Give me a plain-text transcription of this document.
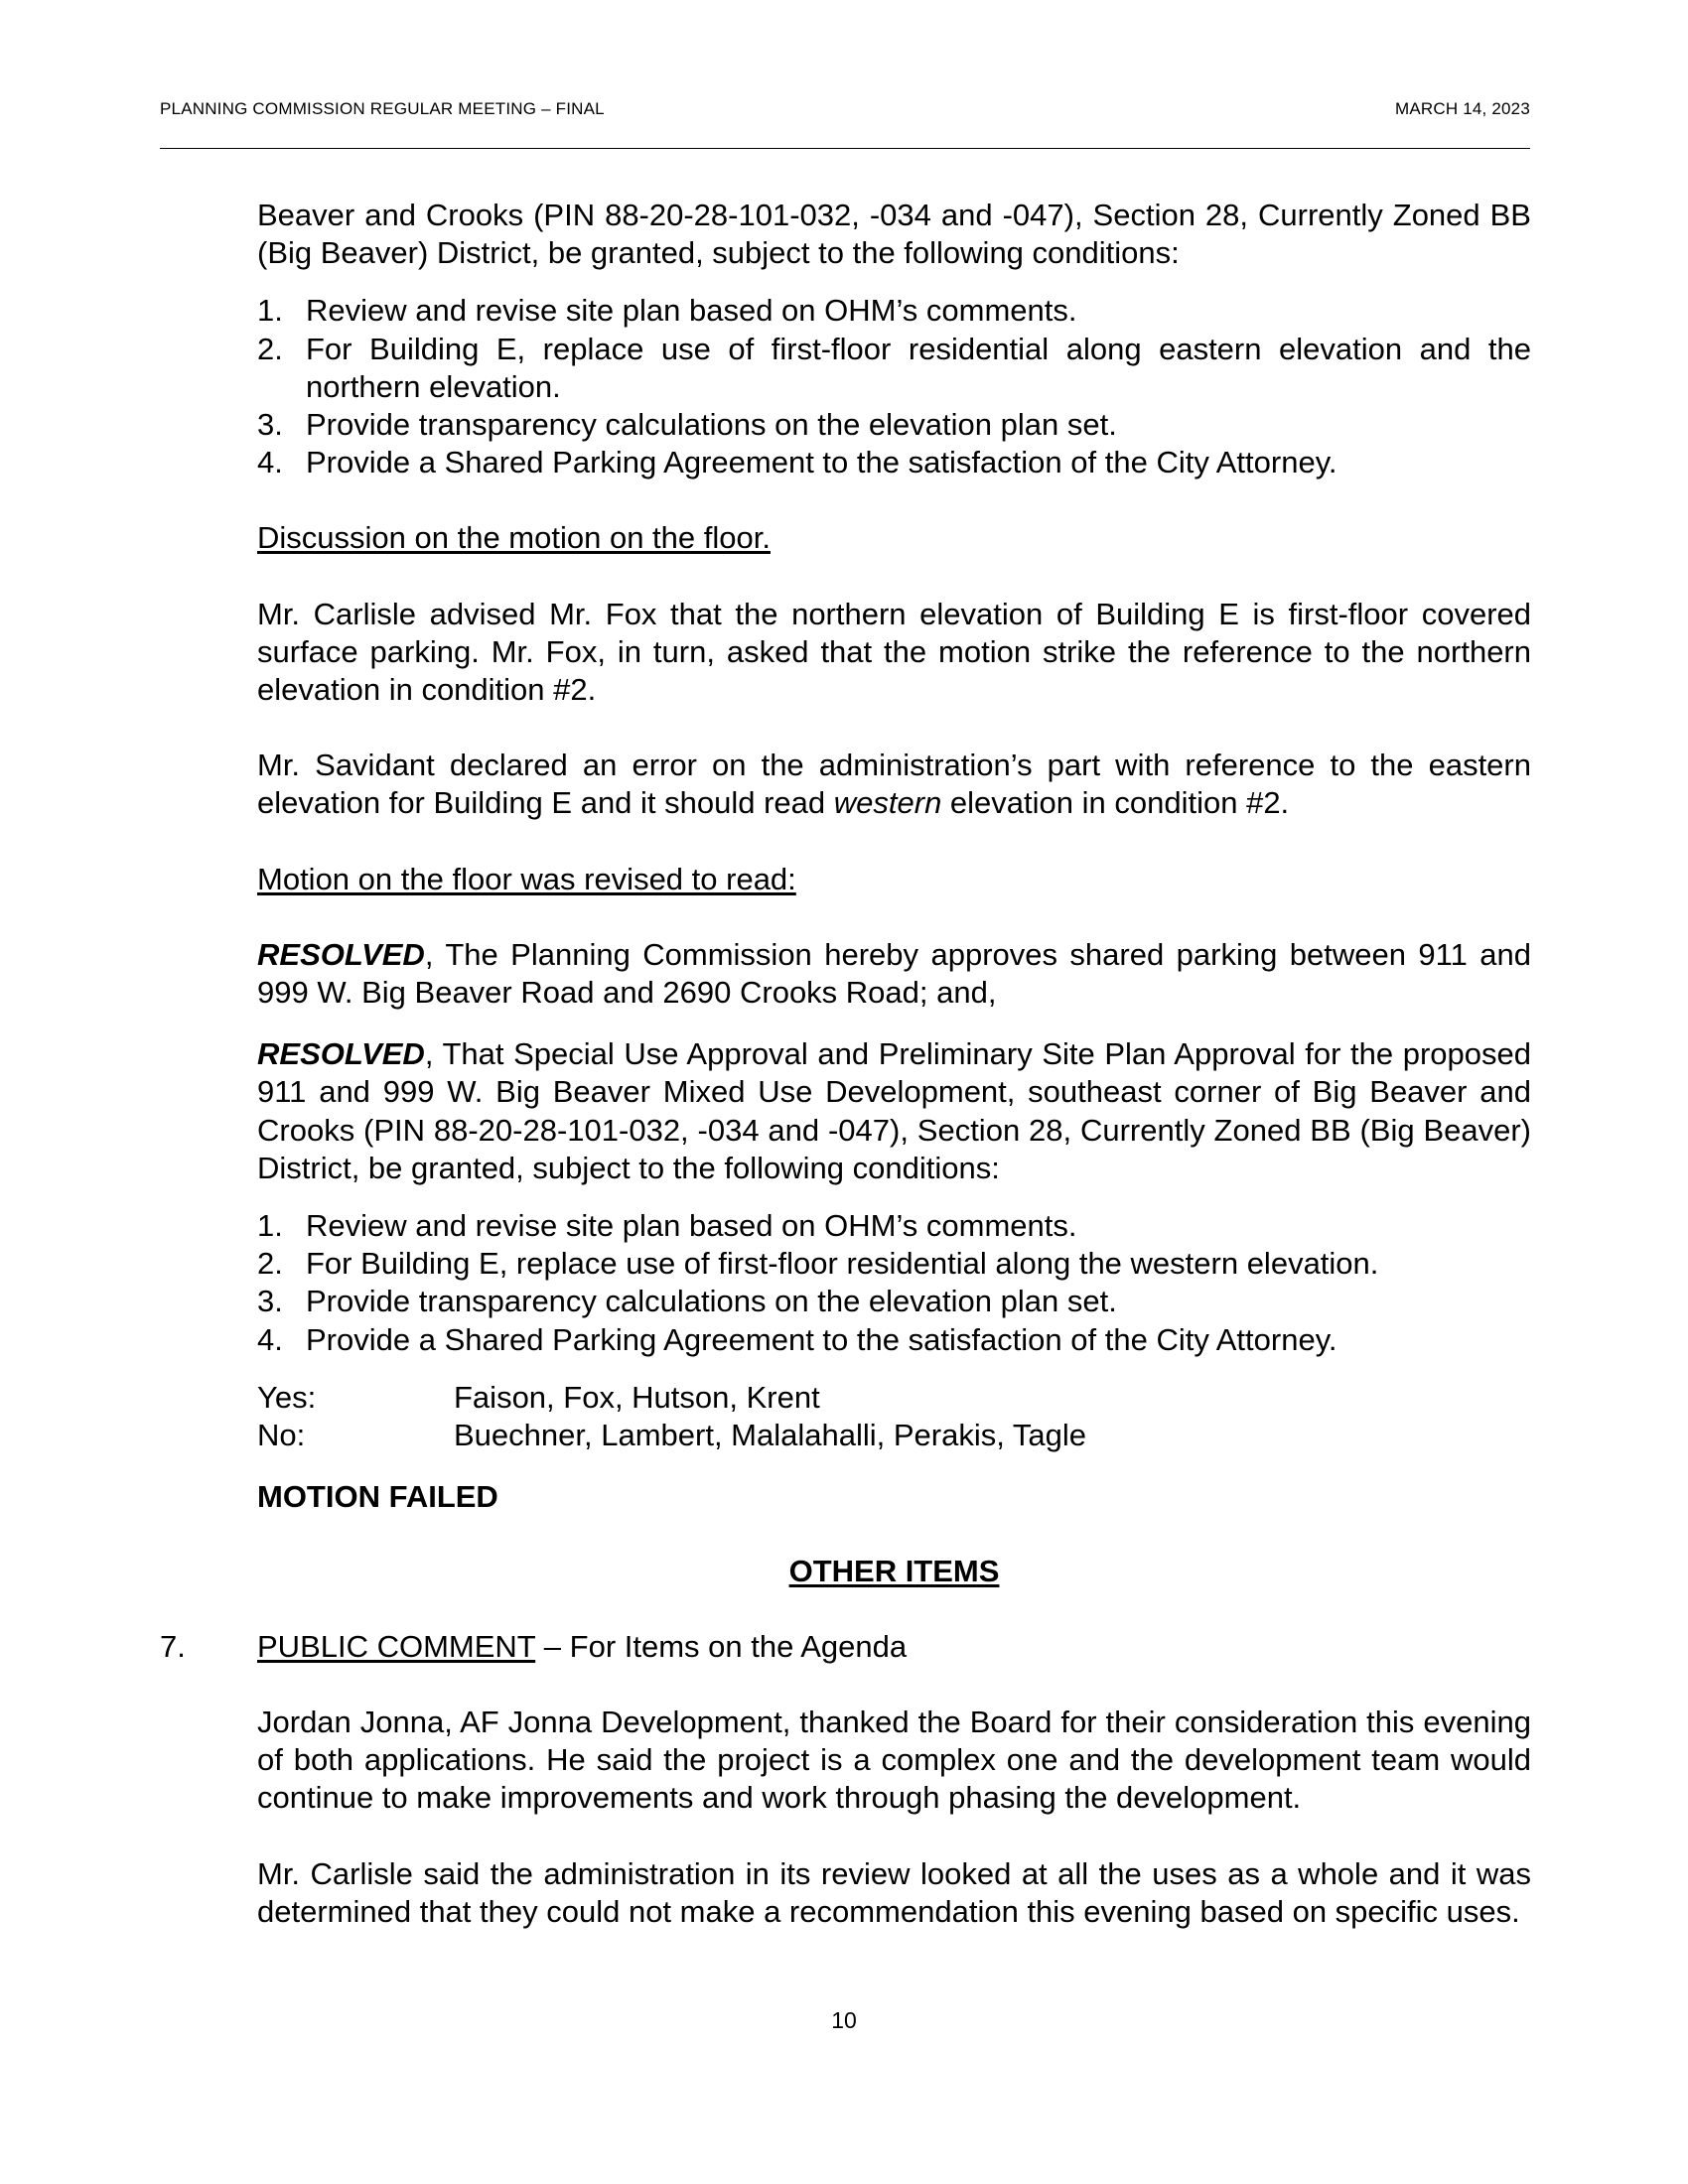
PLANNING COMMISSION REGULAR MEETING – FINAL	MARCH 14, 2023

Beaver and Crooks (PIN 88-20-28-101-032, -034 and -047), Section 28, Currently Zoned BB (Big Beaver) District, be granted, subject to the following conditions:

1. Review and revise site plan based on OHM’s comments.
2. For Building E, replace use of first-floor residential along eastern elevation and the northern elevation.
3. Provide transparency calculations on the elevation plan set.
4. Provide a Shared Parking Agreement to the satisfaction of the City Attorney.

Discussion on the motion on the floor.

Mr. Carlisle advised Mr. Fox that the northern elevation of Building E is first-floor covered surface parking. Mr. Fox, in turn, asked that the motion strike the reference to the northern elevation in condition #2.

Mr. Savidant declared an error on the administration’s part with reference to the eastern elevation for Building E and it should read western elevation in condition #2.

Motion on the floor was revised to read:

RESOLVED, The Planning Commission hereby approves shared parking between 911 and 999 W. Big Beaver Road and 2690 Crooks Road; and,

RESOLVED, That Special Use Approval and Preliminary Site Plan Approval for the proposed 911 and 999 W. Big Beaver Mixed Use Development, southeast corner of Big Beaver and Crooks (PIN 88-20-28-101-032, -034 and -047), Section 28, Currently Zoned BB (Big Beaver) District, be granted, subject to the following conditions:

1. Review and revise site plan based on OHM’s comments.
2. For Building E, replace use of first-floor residential along the western elevation.
3. Provide transparency calculations on the elevation plan set.
4. Provide a Shared Parking Agreement to the satisfaction of the City Attorney.
Yes:	Faison, Fox, Hutson, Krent
No:	Buechner, Lambert, Malalahalli, Perakis, Tagle

MOTION FAILED

OTHER ITEMS

7. PUBLIC COMMENT – For Items on the Agenda

Jordan Jonna, AF Jonna Development, thanked the Board for their consideration this evening of both applications. He said the project is a complex one and the development team would continue to make improvements and work through phasing the development.

Mr. Carlisle said the administration in its review looked at all the uses as a whole and it was determined that they could not make a recommendation this evening based on specific uses.

10
